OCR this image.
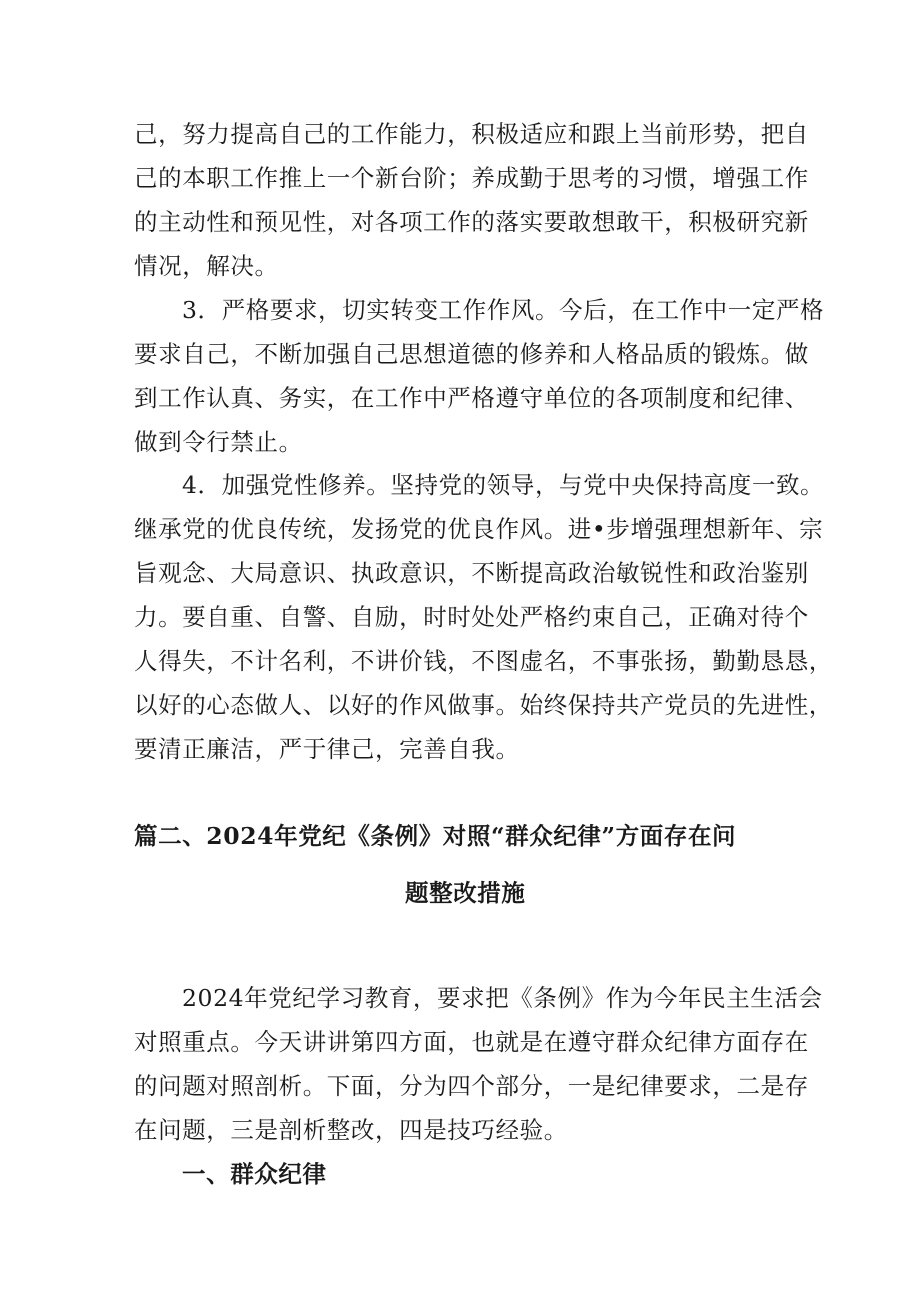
己，努力提高自己的工作能力，积极适应和跟上当前形势，把自
己的本职工作推上一个新台阶；养成勤于思考的习惯，增强工作
的主动性和预见性，对各项工作的落实要敢想敢干，积极研究新
情况，解决。
3．严格要求，切实转变工作作风。今后，在工作中一定严格
要求自己，不断加强自己思想道德的修养和人格品质的锻炼。做
到工作认真、务实，在工作中严格遵守单位的各项制度和纪律、
做到令行禁止。
4．加强党性修养。坚持党的领导，与党中央保持高度一致。
继承党的优良传统，发扬党的优良作风。进•步增强理想新年、宗
旨观念、大局意识、执政意识，不断提高政治敏锐性和政治鉴别
力。要自重、自警、自励，时时处处严格约束自己，正确对待个
人得失，不计名利，不讲价钱，不图虚名，不事张扬，勤勤恳恳，
以好的心态做人、以好的作风做事。始终保持共产党员的先进性，
要清正廉洁，严于律己，完善自我。
篇二、2024年党纪《条例》对照“群众纪律”方面存在问
题整改措施
2024年党纪学习教育，要求把《条例》作为今年民主生活会
对照重点。今天讲讲第四方面，也就是在遵守群众纪律方面存在
的问题对照剖析。下面，分为四个部分，一是纪律要求，二是存
在问题，三是剖析整改，四是技巧经验。
一、群众纪律
